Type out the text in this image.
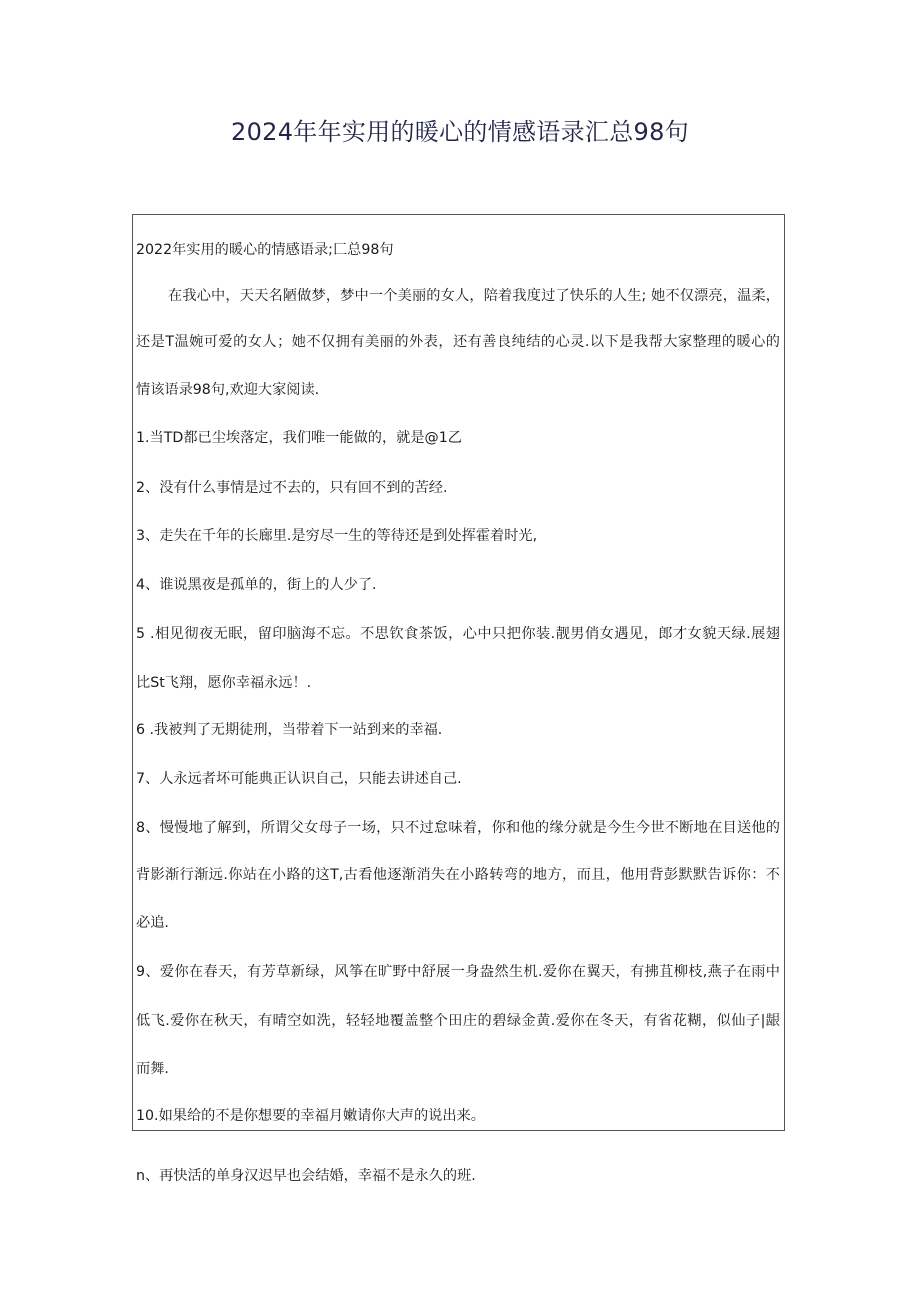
2024年年实用的暖心的情感语录汇总98句
2022年实用的暖心的情感语录;匚总98句
在我心中，天天名陋做梦，梦中一个美丽的女人，陪着我度过了快乐的人生; 她不仅漂亮，温柔，
还是T温婉可爱的女人；她不仅拥有美丽的外表，还有善良纯结的心灵.以下是我帮大家整理的暖心的
情该语录98句,欢迎大家阅读.
1.当TD都已尘埃落定，我们唯一能做的，就是@1乙
2、没有什么事情是过不去的，只有回不到的苦经.
3、走失在千年的长廊里.是穷尽一生的等待还是到处挥霍着时光,
4、谁说黑夜是孤单的，街上的人少了.
5 .相见彻夜无眠，留印脑海不忘。不思钦食茶饭，心中只把你装.靓男俏女遇见，郎才女貌天绿.展翅
比St飞翔，愿你幸福永远！.
6 .我被判了无期徒刑，当带着下一站到来的幸福.
7、人永远者坏可能典正认识自己，只能去讲述自己.
8、慢慢地了解到，所谓父女母子一场，只不过怠味着，你和他的缘分就是今生今世不断地在目送他的
背影渐行渐远.你站在小路的这T,古看他逐渐消失在小路转弯的地方，而且，他用背彭默默告诉你：不
必追.
9、爱你在春天，有芳草新绿，风筝在旷野中舒展一身盎然生机.爱你在翼天，有拂苴柳枝,燕子在雨中
低飞.爱你在秋天，有晴空如洗，轻轻地覆盖整个田庄的碧绿金黄.爱你在冬天，有省花糊，似仙子|龈
而舞.
10.如果给的不是你想要的幸福月嫩请你大声的说出来。
n、再快活的单身汉迟早也会结婚，幸福不是永久的班.
